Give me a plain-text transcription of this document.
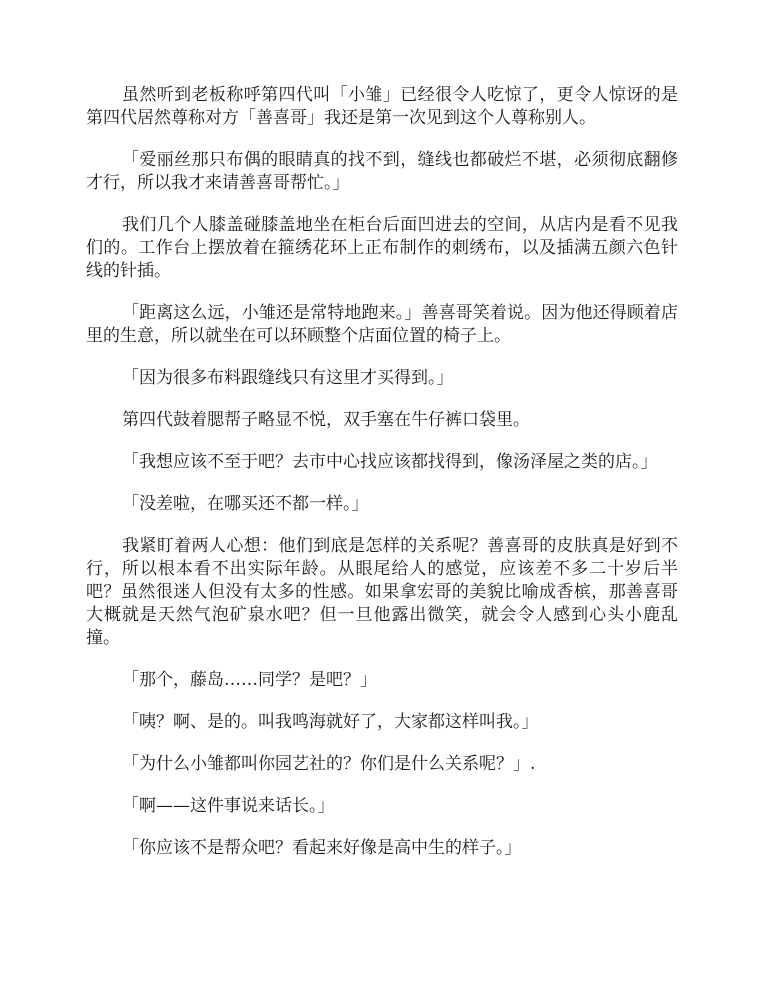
虽然听到老板称呼第四代叫「小雏」已经很令人吃惊了，更令人惊讶的是第四代居然尊称对方「善喜哥」我还是第一次见到这个人尊称别人。

「爱丽丝那只布偶的眼睛真的找不到，缝线也都破烂不堪，必须彻底翻修才行，所以我才来请善喜哥帮忙。」

我们几个人膝盖碰膝盖地坐在柜台后面凹进去的空间，从店内是看不见我们的。工作台上摆放着在箍绣花环上正布制作的刺绣布，以及插满五颜六色针线的针插。

「距离这么远，小雏还是常特地跑来。」善喜哥笑着说。因为他还得顾着店里的生意，所以就坐在可以环顾整个店面位置的椅子上。

「因为很多布料跟缝线只有这里才买得到。」

第四代鼓着腮帮子略显不悦，双手塞在牛仔裤口袋里。

「我想应该不至于吧？去市中心找应该都找得到，像汤泽屋之类的店。」

「没差啦，在哪买还不都一样。」

我紧盯着两人心想：他们到底是怎样的关系呢？善喜哥的皮肤真是好到不行，所以根本看不出实际年龄。从眼尾给人的感觉，应该差不多二十岁后半吧？虽然很迷人但没有太多的性感。如果拿宏哥的美貌比喻成香槟，那善喜哥大概就是天然气泡矿泉水吧？但一旦他露出微笑，就会令人感到心头小鹿乱撞。

「那个，藤岛……同学？是吧？」

「咦？啊、是的。叫我鸣海就好了，大家都这样叫我。」

「为什么小雏都叫你园艺社的？你们是什么关系呢？」.

「啊——这件事说来话长。」

「你应该不是帮众吧？看起来好像是高中生的样子。」
